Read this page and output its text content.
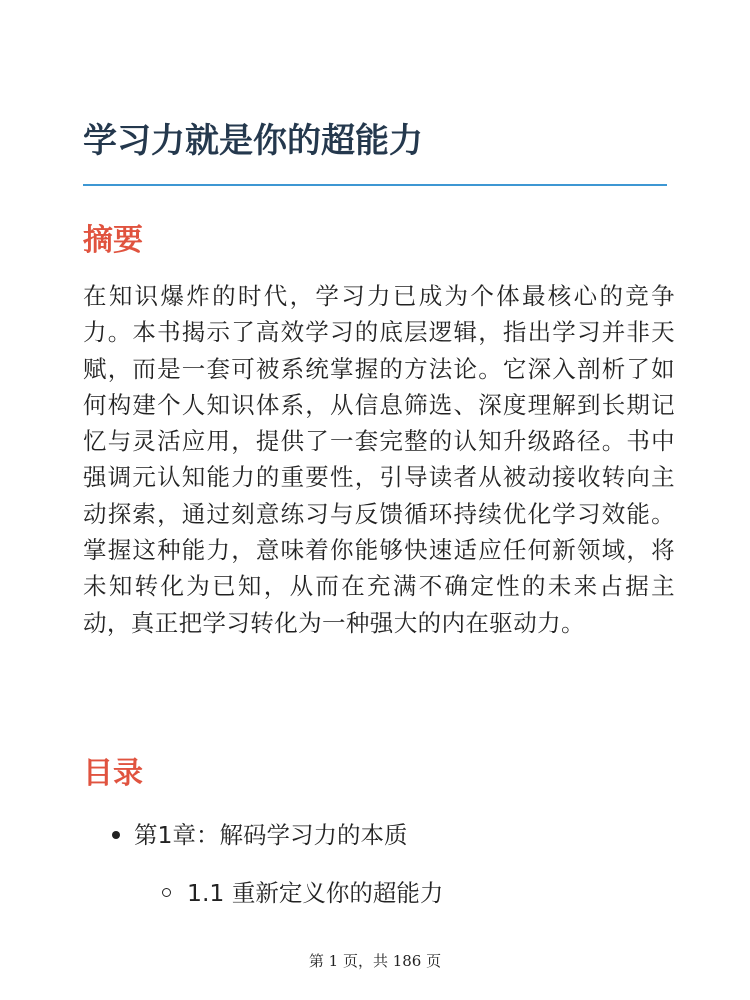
学习力就是你的超能力
摘要

在知识爆炸的时代，学习力已成为个体最核心的竞争力。本书揭示了高效学习的底层逻辑，指出学习并非天赋，而是一套可被系统掌握的方法论。它深入剖析了如何构建个人知识体系，从信息筛选、深度理解到长期记忆与灵活应用，提供了一套完整的认知升级路径。书中强调元认知能力的重要性，引导读者从被动接收转向主动探索，通过刻意练习与反馈循环持续优化学习效能。掌握这种能力，意味着你能够快速适应任何新领域，将未知转化为已知，从而在充满不确定性的未来占据主动，真正把学习转化为一种强大的内在驱动力。

目录
第1章：解码学习力的本质
1.1 重新定义你的超能力
第 1 页，共 186 页
